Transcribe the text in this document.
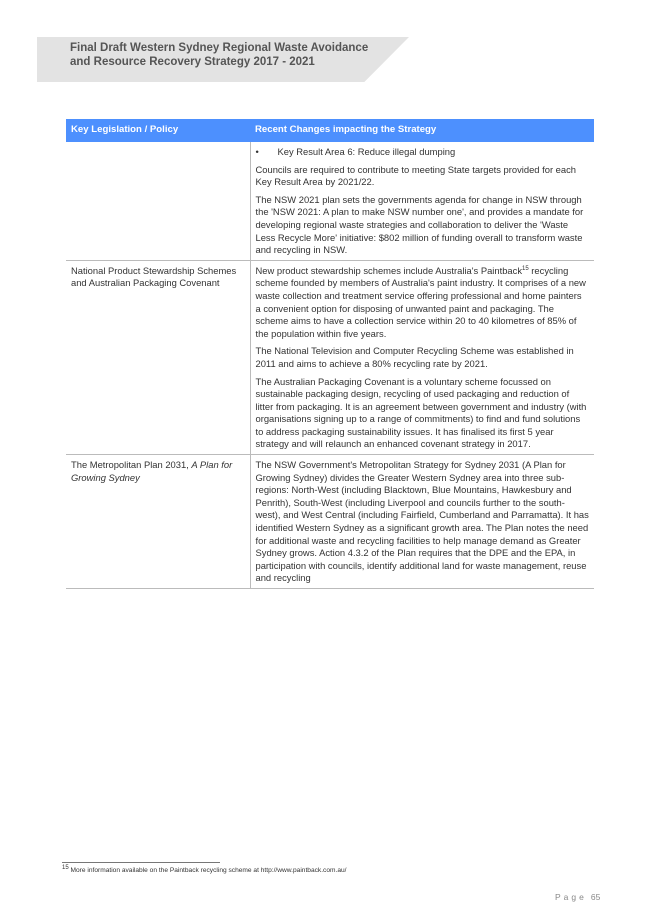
Final Draft Western Sydney Regional Waste Avoidance
and Resource Recovery Strategy 2017 - 2021
Key Legislation / Policy	Recent Changes impacting the Strategy

	• Key Result Area 6: Reduce illegal dumping

Councils are required to contribute to meeting State targets provided for each Key Result Area by 2021/22.

The NSW 2021 plan sets the governments agenda for change in NSW through the 'NSW 2021: A plan to make NSW number one', and provides a mandate for developing regional waste strategies and collaboration to deliver the 'Waste Less Recycle More' initiative: $802 million of funding overall to transform waste and recycling in NSW.

National Product Stewardship Schemes and Australian Packaging Covenant	New product stewardship schemes include Australia's Paintback$^{15}$ recycling scheme founded by members of Australia's paint industry. It comprises of a new waste collection and treatment service offering professional and home painters a convenient option for disposing of unwanted paint and packaging. The scheme aims to have a collection service within 20 to 40 kilometres of 85% of the population within five years.

The National Television and Computer Recycling Scheme was established in 2011 and aims to achieve a 80% recycling rate by 2021.

The Australian Packaging Covenant is a voluntary scheme focussed on sustainable packaging design, recycling of used packaging and reduction of litter from packaging. It is an agreement between government and industry (with organisations signing up to a range of commitments) to find and fund solutions to address packaging sustainability issues. It has finalised its first 5 year strategy and will relaunch an enhanced covenant strategy in 2017.

The Metropolitan Plan 2031, A Plan for Growing Sydney	The NSW Government's Metropolitan Strategy for Sydney 2031 (A Plan for Growing Sydney) divides the Greater Western Sydney area into three sub-regions: North-West (including Blacktown, Blue Mountains, Hawkesbury and Penrith), South-West (including Liverpool and councils further to the south-west), and West Central (including Fairfield, Cumberland and Parramatta). It has identified Western Sydney as a significant growth area. The Plan notes the need for additional waste and recycling facilities to help manage demand as Greater Sydney grows. Action 4.3.2 of the Plan requires that the DPE and the EPA, in participation with councils, identify additional land for waste management, reuse and recycling

$^{15}$ More information available on the Paintback recycling scheme at http://www.paintback.com.au/
Page 65
